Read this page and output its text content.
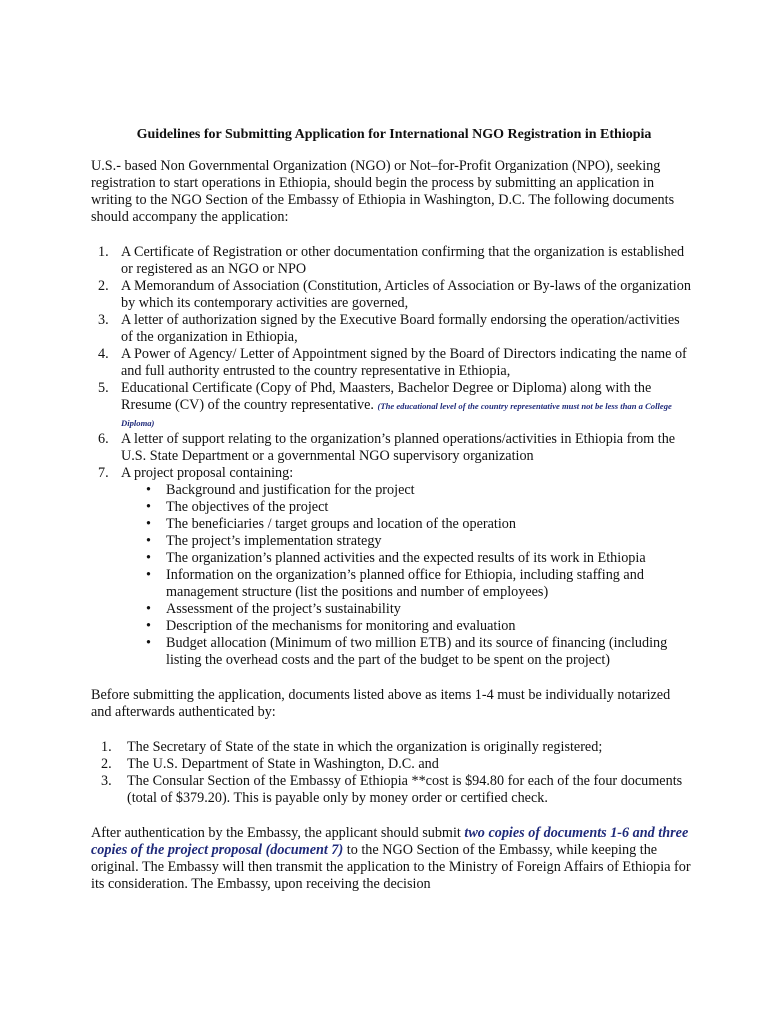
Guidelines for Submitting Application for International NGO Registration in Ethiopia

U.S.- based Non Governmental Organization (NGO) or Not–for-Profit Organization (NPO), seeking registration to start operations in Ethiopia, should begin the process by submitting an application in writing to the NGO Section of the Embassy of Ethiopia in Washington, D.C. The following documents should accompany the application:

1. A Certificate of Registration or other documentation confirming that the organization is established or registered as an NGO or NPO
2. A Memorandum of Association (Constitution, Articles of Association or By-laws of the organization by which its contemporary activities are governed,
3. A letter of authorization signed by the Executive Board formally endorsing the operation/activities of the organization in Ethiopia,
4. A Power of Agency/ Letter of Appointment signed by the Board of Directors indicating the name of and full authority entrusted to the country representative in Ethiopia,
5. Educational Certificate (Copy of Phd, Maasters, Bachelor Degree or Diploma) along with the Rresume (CV) of the country representative. (The educational level of the country representative must not be less than a College Diploma)
6. A letter of support relating to the organization’s planned operations/activities in Ethiopia from the U.S. State Department or a governmental NGO supervisory organization
7. A project proposal containing:
• Background and justification for the project
• The objectives of the project
• The beneficiaries / target groups and location of the operation
• The project’s implementation strategy
• The organization’s planned activities and the expected results of its work in Ethiopia
• Information on the organization’s planned office for Ethiopia, including staffing and management structure (list the positions and number of employees)
• Assessment of the project’s sustainability
• Description of the mechanisms for monitoring and evaluation
• Budget allocation (Minimum of two million ETB) and its source of financing (including listing the overhead costs and the part of the budget to be spent on the project)

Before submitting the application, documents listed above as items 1-4 must be individually notarized and afterwards authenticated by:

1. The Secretary of State of the state in which the organization is originally registered;
2. The U.S. Department of State in Washington, D.C. and
3. The Consular Section of the Embassy of Ethiopia **cost is $94.80 for each of the four documents (total of $379.20). This is payable only by money order or certified check.

After authentication by the Embassy, the applicant should submit two copies of documents 1-6 and three copies of the project proposal (document 7) to the NGO Section of the Embassy, while keeping the original. The Embassy will then transmit the application to the Ministry of Foreign Affairs of Ethiopia for its consideration. The Embassy, upon receiving the decision
